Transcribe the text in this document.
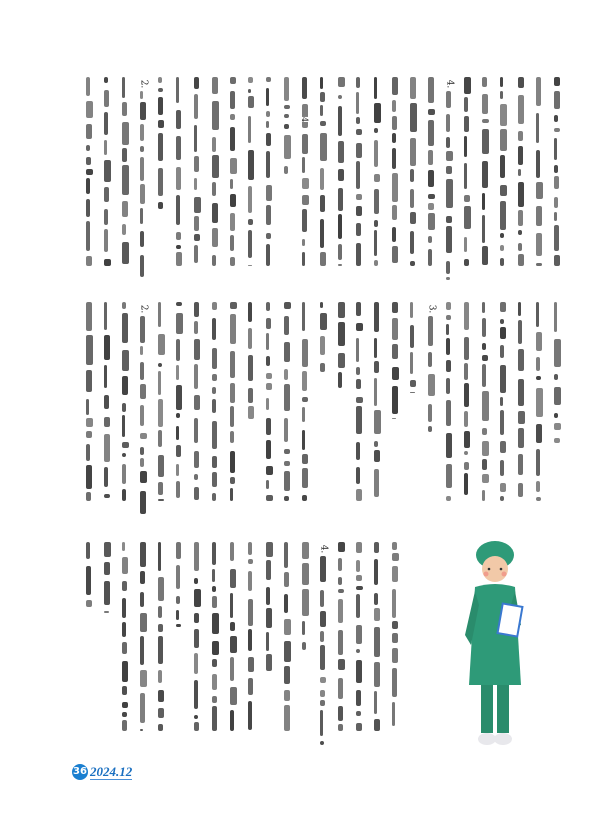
2.
4
4.
2.	3.
4.
36 2024.12
